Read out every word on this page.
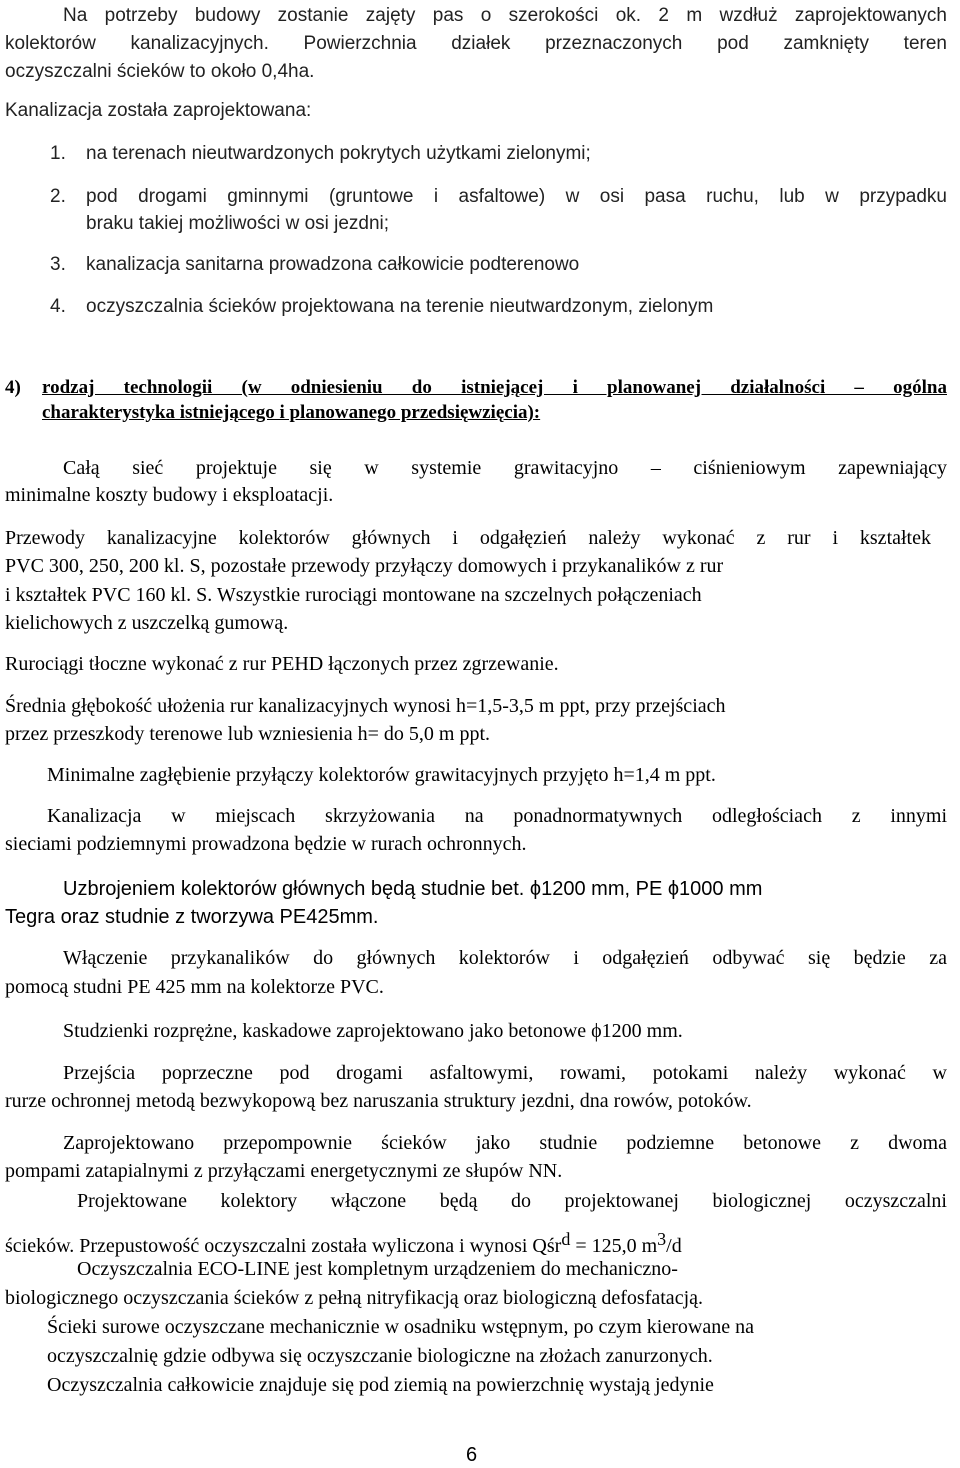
Na potrzeby budowy zostanie zajęty pas o szerokości ok. 2 m wzdłuż zaprojektowanych
kolektorów kanalizacyjnych. Powierzchnia działek przeznaczonych pod zamknięty teren
oczyszczalni ścieków to około 0,4ha.
Kanalizacja została zaprojektowana:
1. na terenach nieutwardzonych pokrytych użytkami zielonymi;
2. pod drogami gminnymi (gruntowe i asfaltowe) w osi pasa ruchu, lub w przypadku
braku takiej możliwości w osi jezdni;
3. kanalizacja sanitarna prowadzona całkowicie podterenowo
4. oczyszczalnia ścieków projektowana na terenie nieutwardzonym, zielonym
4) rodzaj technologii (w odniesieniu do istniejącej i planowanej działalności – ogólna
charakterystyka istniejącego i planowanego przedsięwzięcia):
Całą sieć projektuje się w systemie grawitacyjno – ciśnieniowym zapewniający
minimalne koszty budowy i eksploatacji.
Przewody kanalizacyjne kolektorów głównych i odgałęzień należy wykonać z rur i kształtek
PVC 300, 250, 200 kl. S, pozostałe przewody przyłączy domowych i przykanalików z rur
i kształtek PVC 160 kl. S. Wszystkie rurociągi montowane na szczelnych połączeniach
kielichowych z uszczelką gumową.
Rurociągi tłoczne wykonać z rur PEHD łączonych przez zgrzewanie.
Średnia głębokość ułożenia rur kanalizacyjnych wynosi h=1,5-3,5 m ppt, przy przejściach
przez przeszkody terenowe lub wzniesienia h= do 5,0 m ppt.
Minimalne zagłębienie przyłączy kolektorów grawitacyjnych przyjęto h=1,4 m ppt.
Kanalizacja w miejscach skrzyżowania na ponadnormatywnych odległościach z innymi
sieciami podziemnymi prowadzona będzie w rurach ochronnych.
Uzbrojeniem kolektorów głównych będą studnie bet. ϕ1200 mm, PE ϕ1000 mm
Tegra oraz studnie z tworzywa PE425mm.
Włączenie przykanalików do głównych kolektorów i odgałęzień odbywać się będzie za
pomocą studni PE 425 mm na kolektorze PVC.
Studzienki rozprężne, kaskadowe zaprojektowano jako betonowe ϕ1200 mm.
Przejścia poprzeczne pod drogami asfaltowymi, rowami, potokami należy wykonać w
rurze ochronnej metodą bezwykopową bez naruszania struktury jezdni, dna rowów, potoków.
Zaprojektowano przepompownie ścieków jako studnie podziemne betonowe z dwoma
pompami zatapialnymi z przyłączami energetycznymi ze słupów NN.
Projektowane kolektory włączone będą do projektowanej biologicznej oczyszczalni
ścieków. Przepustowość oczyszczalni została wyliczona i wynosi Qśrd = 125,0 m3/d
Oczyszczalnia ECO-LINE jest kompletnym urządzeniem do mechaniczno-
biologicznego oczyszczania ścieków z pełną nitryfikacją oraz biologiczną defosfatacją.
Ścieki surowe oczyszczane mechanicznie w osadniku wstępnym, po czym kierowane na
oczyszczalnię gdzie odbywa się oczyszczanie biologiczne na złożach zanurzonych.
Oczyszczalnia całkowicie znajduje się pod ziemią na powierzchnię wystają jedynie
6
